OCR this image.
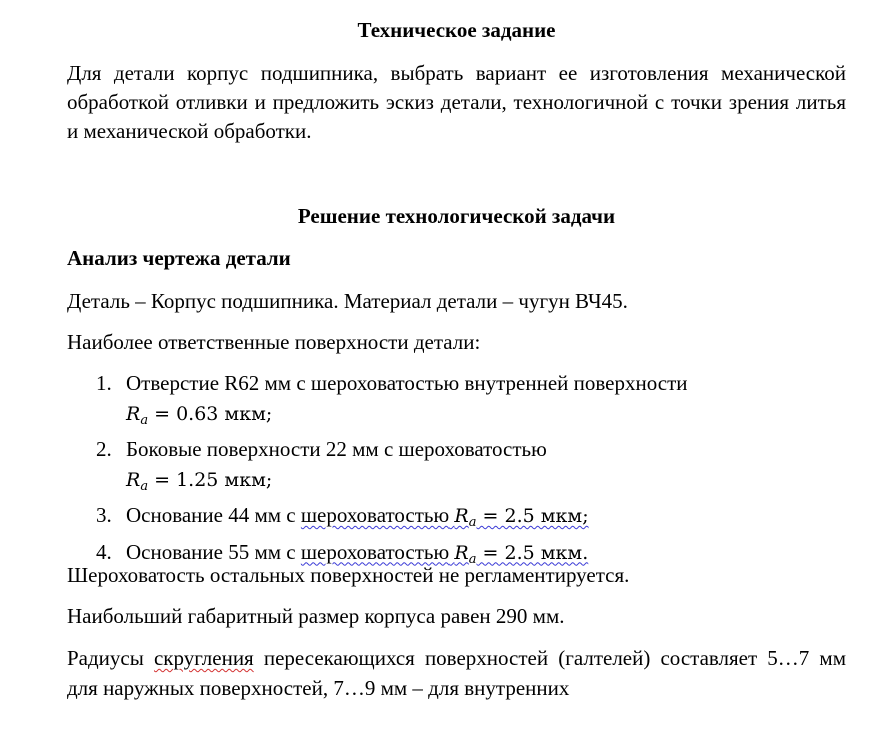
Техническое задание

Для детали корпус подшипника, выбрать вариант ее изготовления механической обработкой отливки и предложить эскиз детали, технологичной с точки зрения литья и механической обработки.

Решение технологической задачи
Анализ чертежа детали
Деталь – Корпус подшипника. Материал детали – чугун ВЧ45.
Наиболее ответственные поверхности детали:
1. Отверстие R62 мм с шероховатостью внутренней поверхности
$R_a = 0.63$ мкм;
2. Боковые поверхности 22 мм с шероховатостью
$R_a = 1.25$ мкм;
3. Основание 44 мм с шероховатостью $R_a = 2.5$ мкм;
4. Основание 55 мм с шероховатостью $R_a = 2.5$ мкм.
Шероховатость остальных поверхностей не регламентируется.
Наибольший габаритный размер корпуса равен 290 мм.

Радиусы скругления пересекающихся поверхностей (галтелей) составляет 5…7 мм для наружных поверхностей, 7…9 мм – для внутренних
